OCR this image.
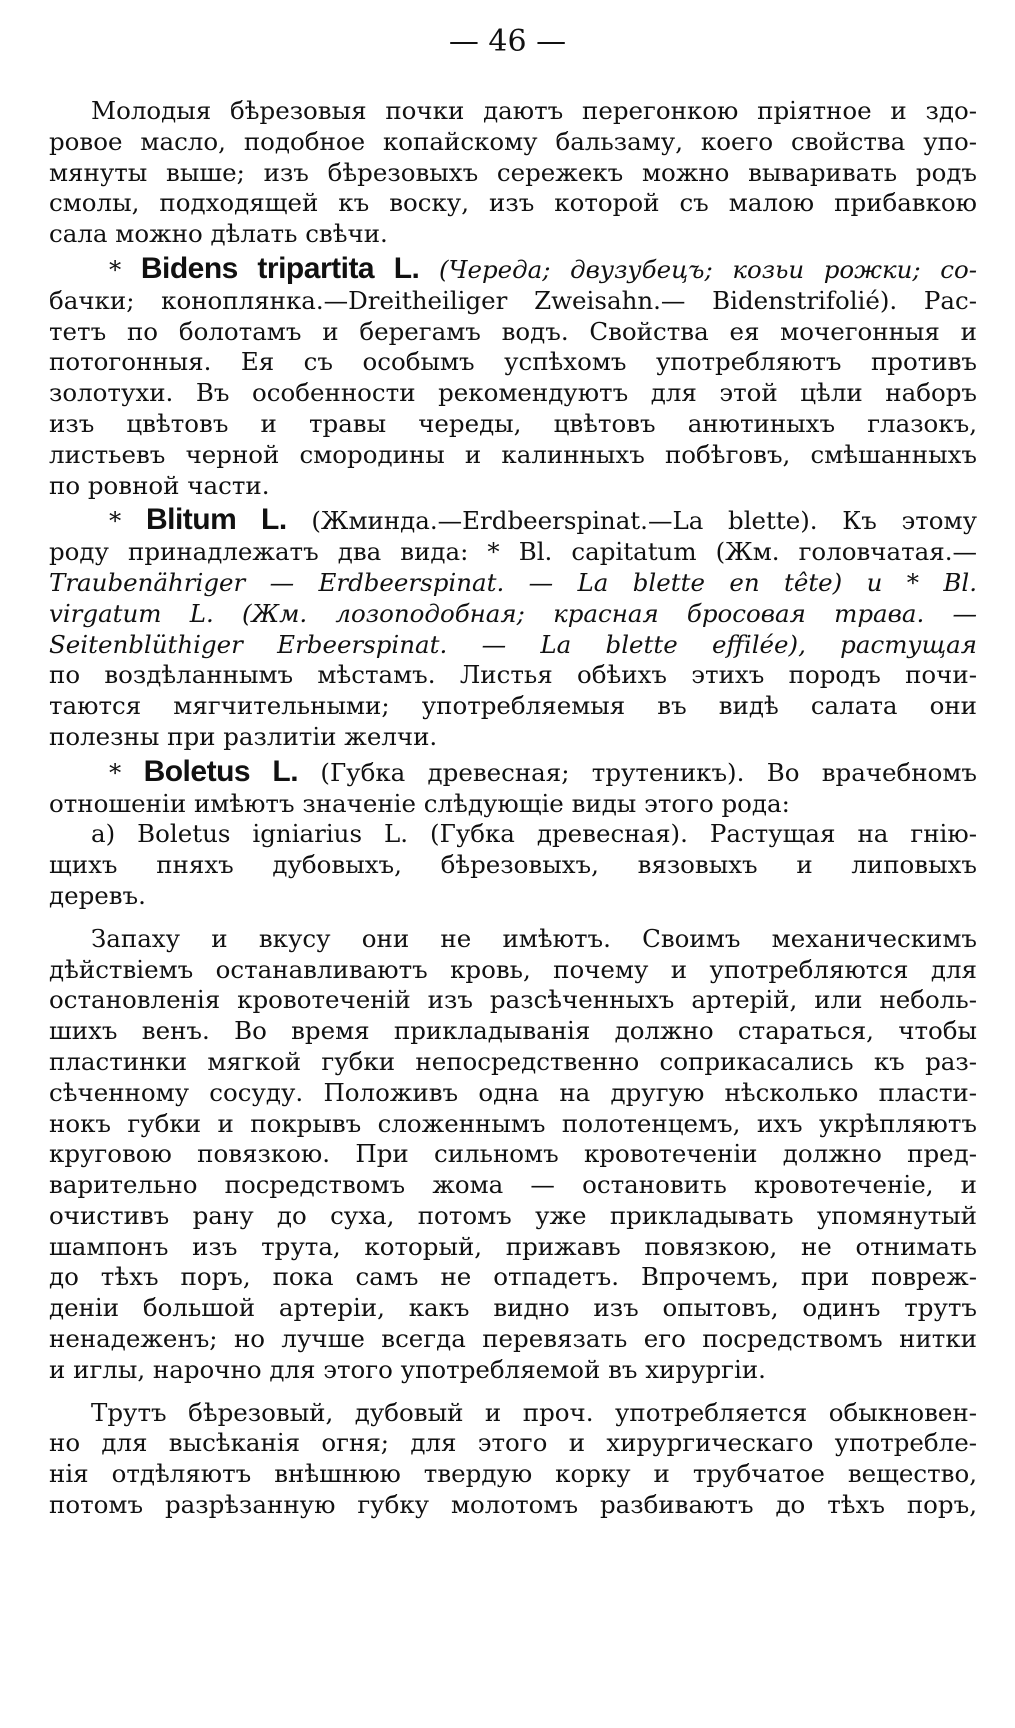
— 46 —

Молодыя бѣрезовыя почки даютъ перегонкою пріятное и здо-
ровое масло, подобное копайскому бальзаму, коего свойства упо-
мянуты выше; изъ бѣрезовыхъ сережекъ можно вываривать родъ
смолы, подходящей къ воску, изъ которой съ малою прибавкою
сала можно дѣлать свѣчи.

* Bidens tripartita L. (Череда; двузубецъ; козьи рожки; со-
бачки; коноплянка.—Dreitheiliger Zweisahn.— Bidenstrifolié). Рас-
тетъ по болотамъ и берегамъ водъ. Свойства ея мочегонныя и
потогонныя. Ея съ особымъ успѣхомъ употребляютъ противъ
золотухи. Въ особенности рекомендуютъ для этой цѣли наборъ
изъ цвѣтовъ и травы череды, цвѣтовъ анютиныхъ глазокъ,
листьевъ черной смородины и калинныхъ побѣговъ, смѣшанныхъ
по ровной части.

* Blitum L. (Жминда.—Erdbeerspinat.—La blette). Къ этому
роду принадлежатъ два вида: * Bl. capitatum (Жм. головчатая.—
Traubenähriger — Erdbeerspinat. — La blette en tête) и * Bl.
virgatum L. (Жм. лозоподобная; красная бросовая трава. —
Seitenblüthiger Erbeerspinat. — La blette effilée), растущая
по воздѣланнымъ мѣстамъ. Листья обѣихъ этихъ породъ почи-
таются мягчительными; употребляемыя въ видѣ салата они
полезны при разлитіи желчи.

* Boletus L. (Губка древесная; трутеникъ). Во врачебномъ
отношеніи имѣютъ значеніе слѣдующіе виды этого рода:

a) Boletus igniarius L. (Губка древесная). Растущая на гнію-
щихъ пняхъ дубовыхъ, бѣрезовыхъ, вязовыхъ и липовыхъ
деревъ.

Запаху и вкусу они не имѣютъ. Своимъ механическимъ
дѣйствіемъ останавливаютъ кровь, почему и употребляются для
остановленія кровотеченій изъ разсѣченныхъ артерій, или неболь-
шихъ венъ. Во время прикладыванія должно стараться, чтобы
пластинки мягкой губки непосредственно соприкасались къ раз-
сѣченному сосуду. Положивъ одна на другую нѣсколько пласти-
нокъ губки и покрывъ сложеннымъ полотенцемъ, ихъ укрѣпляютъ
круговою повязкою. При сильномъ кровотеченіи должно пред-
варительно посредствомъ жома — остановить кровотеченіе, и
очистивъ рану до суха, потомъ уже прикладывать упомянутый
шампонъ изъ трута, который, прижавъ повязкою, не отнимать
до тѣхъ поръ, пока самъ не отпадетъ. Впрочемъ, при повреж-
деніи большой артеріи, какъ видно изъ опытовъ, одинъ трутъ
ненадеженъ; но лучше всегда перевязать его посредствомъ нитки
и иглы, нарочно для этого употребляемой въ хирургіи.

Трутъ бѣрезовый, дубовый и проч. употребляется обыкновен-
но для высѣканія огня; для этого и хирургическаго употребле-
нія отдѣляютъ внѣшнюю твердую корку и трубчатое вещество,
потомъ разрѣзанную губку молотомъ разбиваютъ до тѣхъ поръ,
